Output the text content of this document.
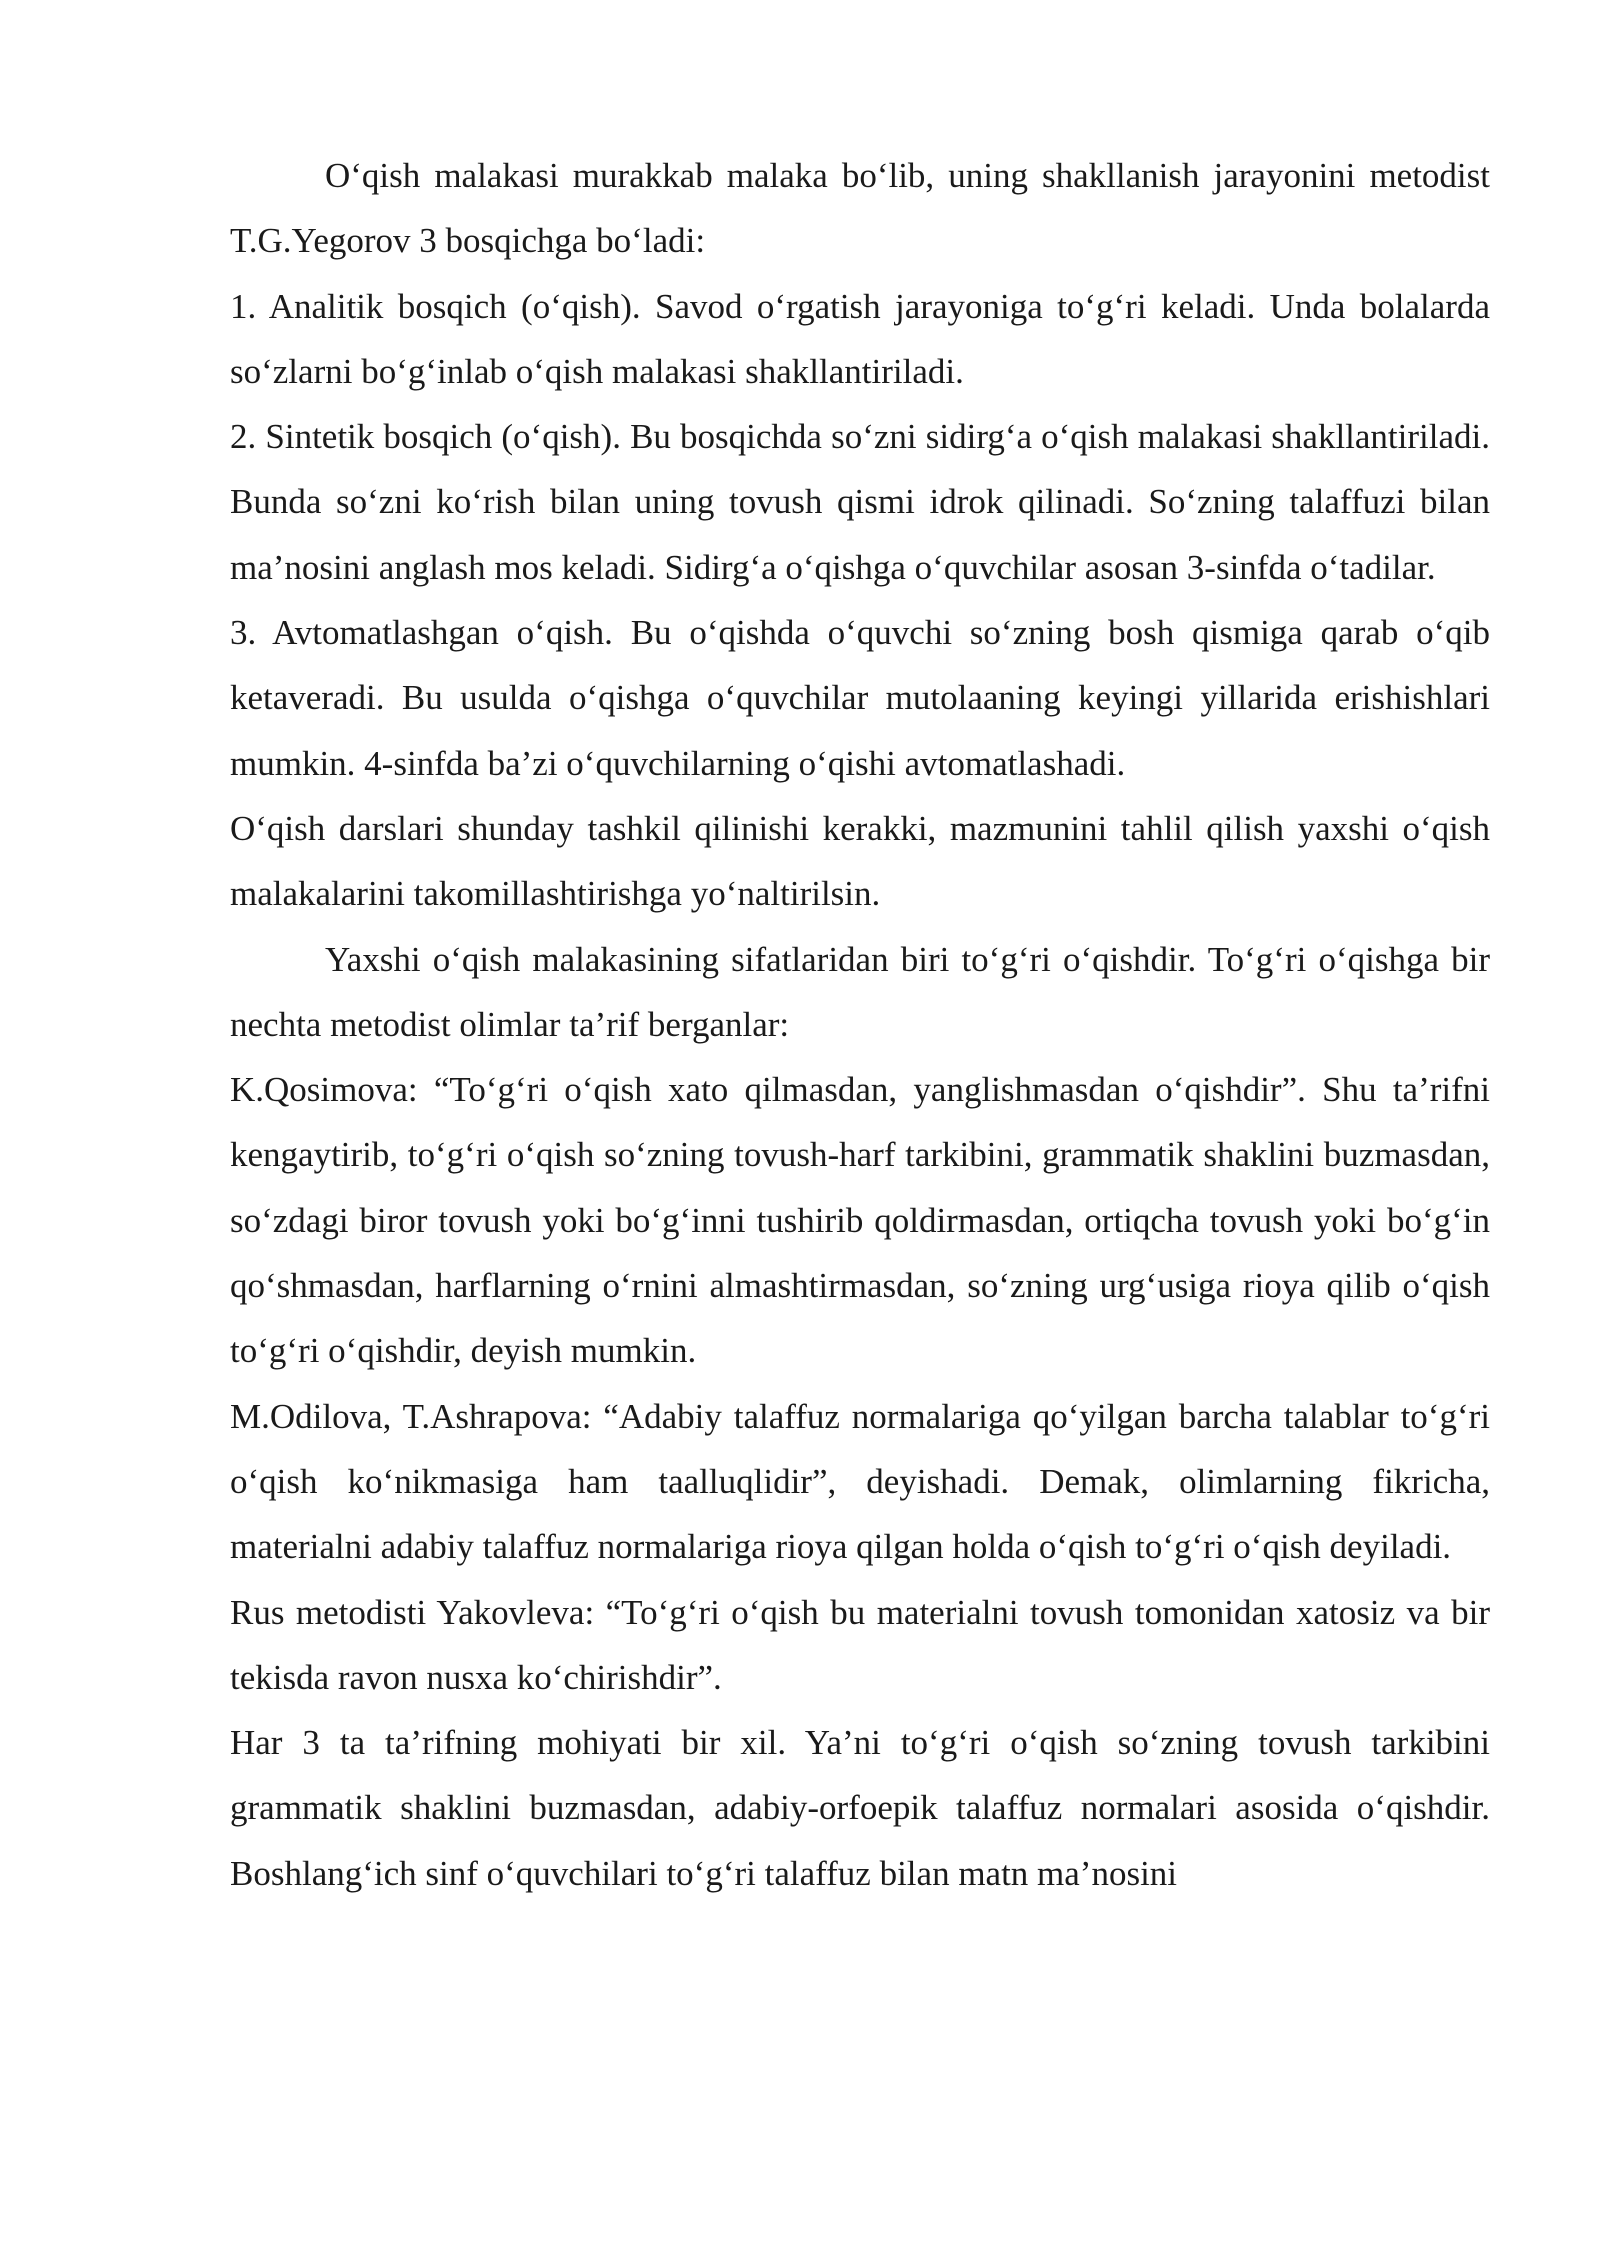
O‘qish malakasi murakkab malaka bo‘lib, uning shakllanish jarayonini metodist T.G.Yegorov 3 bosqichga bo‘ladi:

1. Analitik bosqich (o‘qish). Savod o‘rgatish jarayoniga to‘g‘ri keladi. Unda bolalarda so‘zlarni bo‘g‘inlab o‘qish malakasi shakllantiriladi.

2. Sintetik bosqich (o‘qish). Bu bosqichda so‘zni sidirg‘a o‘qish malakasi shakllantiriladi. Bunda so‘zni ko‘rish bilan uning tovush qismi idrok qilinadi. So‘zning talaffuzi bilan ma’nosini anglash mos keladi. Sidirg‘a o‘qishga o‘quvchilar asosan 3-sinfda o‘tadilar.

3. Avtomatlashgan o‘qish. Bu o‘qishda o‘quvchi so‘zning bosh qismiga qarab o‘qib ketaveradi. Bu usulda o‘qishga o‘quvchilar mutolaaning keyingi yillarida erishishlari mumkin. 4-sinfda ba’zi o‘quvchilarning o‘qishi avtomatlashadi.

O‘qish darslari shunday tashkil qilinishi kerakki, mazmunini tahlil qilish yaxshi o‘qish malakalarini takomillashtirishga yo‘naltirilsin.

Yaxshi o‘qish malakasining sifatlaridan biri to‘g‘ri o‘qishdir. To‘g‘ri o‘qishga bir nechta metodist olimlar ta’rif berganlar:

K.Qosimova: “To‘g‘ri o‘qish xato qilmasdan, yanglishmasdan o‘qishdir”. Shu ta’rifni kengaytirib, to‘g‘ri o‘qish so‘zning tovush-harf tarkibini, grammatik shaklini buzmasdan, so‘zdagi biror tovush yoki bo‘g‘inni tushirib qoldirmasdan, ortiqcha tovush yoki bo‘g‘in qo‘shmasdan, harflarning o‘rnini almashtirmasdan, so‘zning urg‘usiga rioya qilib o‘qish to‘g‘ri o‘qishdir, deyish mumkin.

M.Odilova, T.Ashrapova: “Adabiy talaffuz normalariga qo‘yilgan barcha talablar to‘g‘ri o‘qish ko‘nikmasiga ham taalluqlidir”, deyishadi. Demak, olimlarning fikricha, materialni adabiy talaffuz normalariga rioya qilgan holda o‘qish to‘g‘ri o‘qish deyiladi.

Rus metodisti Yakovleva: “To‘g‘ri o‘qish bu materialni tovush tomonidan xatosiz va bir tekisda ravon nusxa ko‘chirishdir”.

Har 3 ta ta’rifning mohiyati bir xil. Ya’ni to‘g‘ri o‘qish so‘zning tovush tarkibini grammatik shaklini buzmasdan, adabiy-orfoepik talaffuz normalari asosida o‘qishdir. Boshlang‘ich sinf o‘quvchilari to‘g‘ri talaffuz bilan matn ma’nosini
